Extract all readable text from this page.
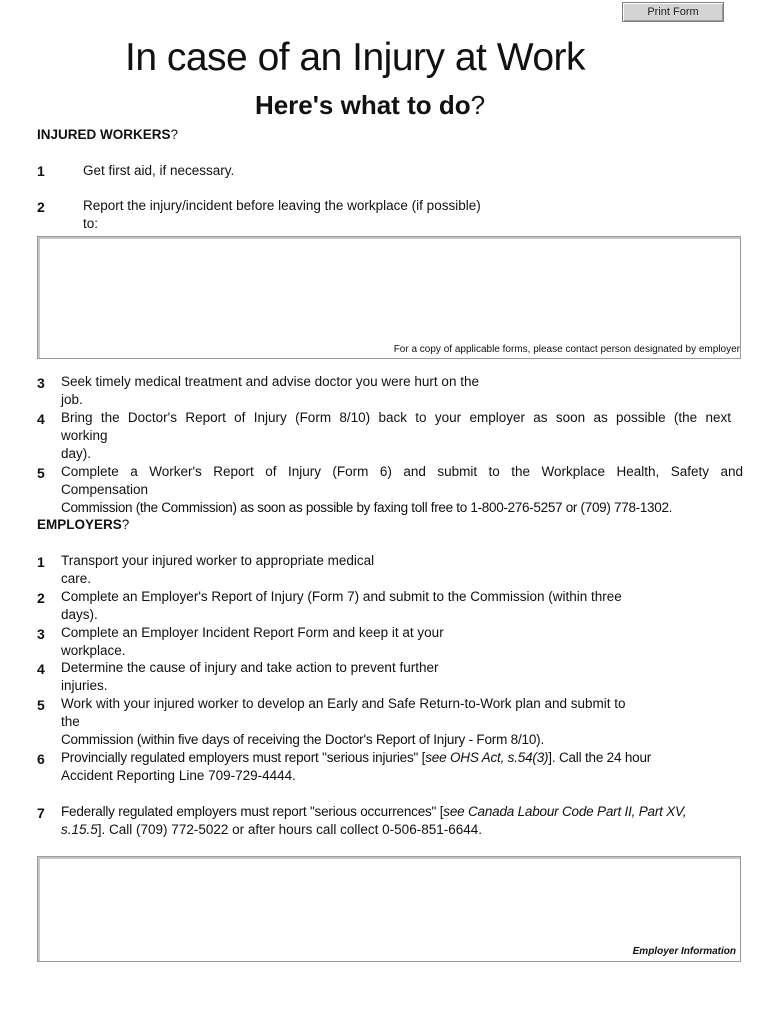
Print Form
In case of an Injury at Work
Here's what to do?
INJURED WORKERS?
1	Get first aid, if necessary.
2	Report the injury/incident before leaving the workplace (if possible)
to:
For a copy of applicable forms, please contact person designated by employer
3 Seek timely medical treatment and advise doctor you were hurt on the
job.
4 Bring the Doctor's Report of Injury (Form 8/10) back to your employer as soon as possible (the next
working
day).
5 Complete a Worker's Report of Injury (Form 6) and submit to the Workplace Health, Safety and
Compensation
Commission (the Commission) as soon as possible by faxing toll free to 1-800-276-5257 or (709) 778-1302.
EMPLOYERS?
1 Transport your injured worker to appropriate medical
care.
2 Complete an Employer's Report of Injury (Form 7) and submit to the Commission (within three
days).
3 Complete an Employer Incident Report Form and keep it at your
workplace.
4 Determine the cause of injury and take action to prevent further
injuries.
5 Work with your injured worker to develop an Early and Safe Return-to-Work plan and submit to
the
Commission (within five days of receiving the Doctor's Report of Injury - Form 8/10).
6 Provincially regulated employers must report "serious injuries" [see OHS Act, s.54(3)]. Call the 24 hour
Accident Reporting Line 709-729-4444.
7 Federally regulated employers must report "serious occurrences" [see Canada Labour Code Part II, Part XV,
s.15.5]. Call (709) 772-5022 or after hours call collect 0-506-851-6644.
Employer Information
